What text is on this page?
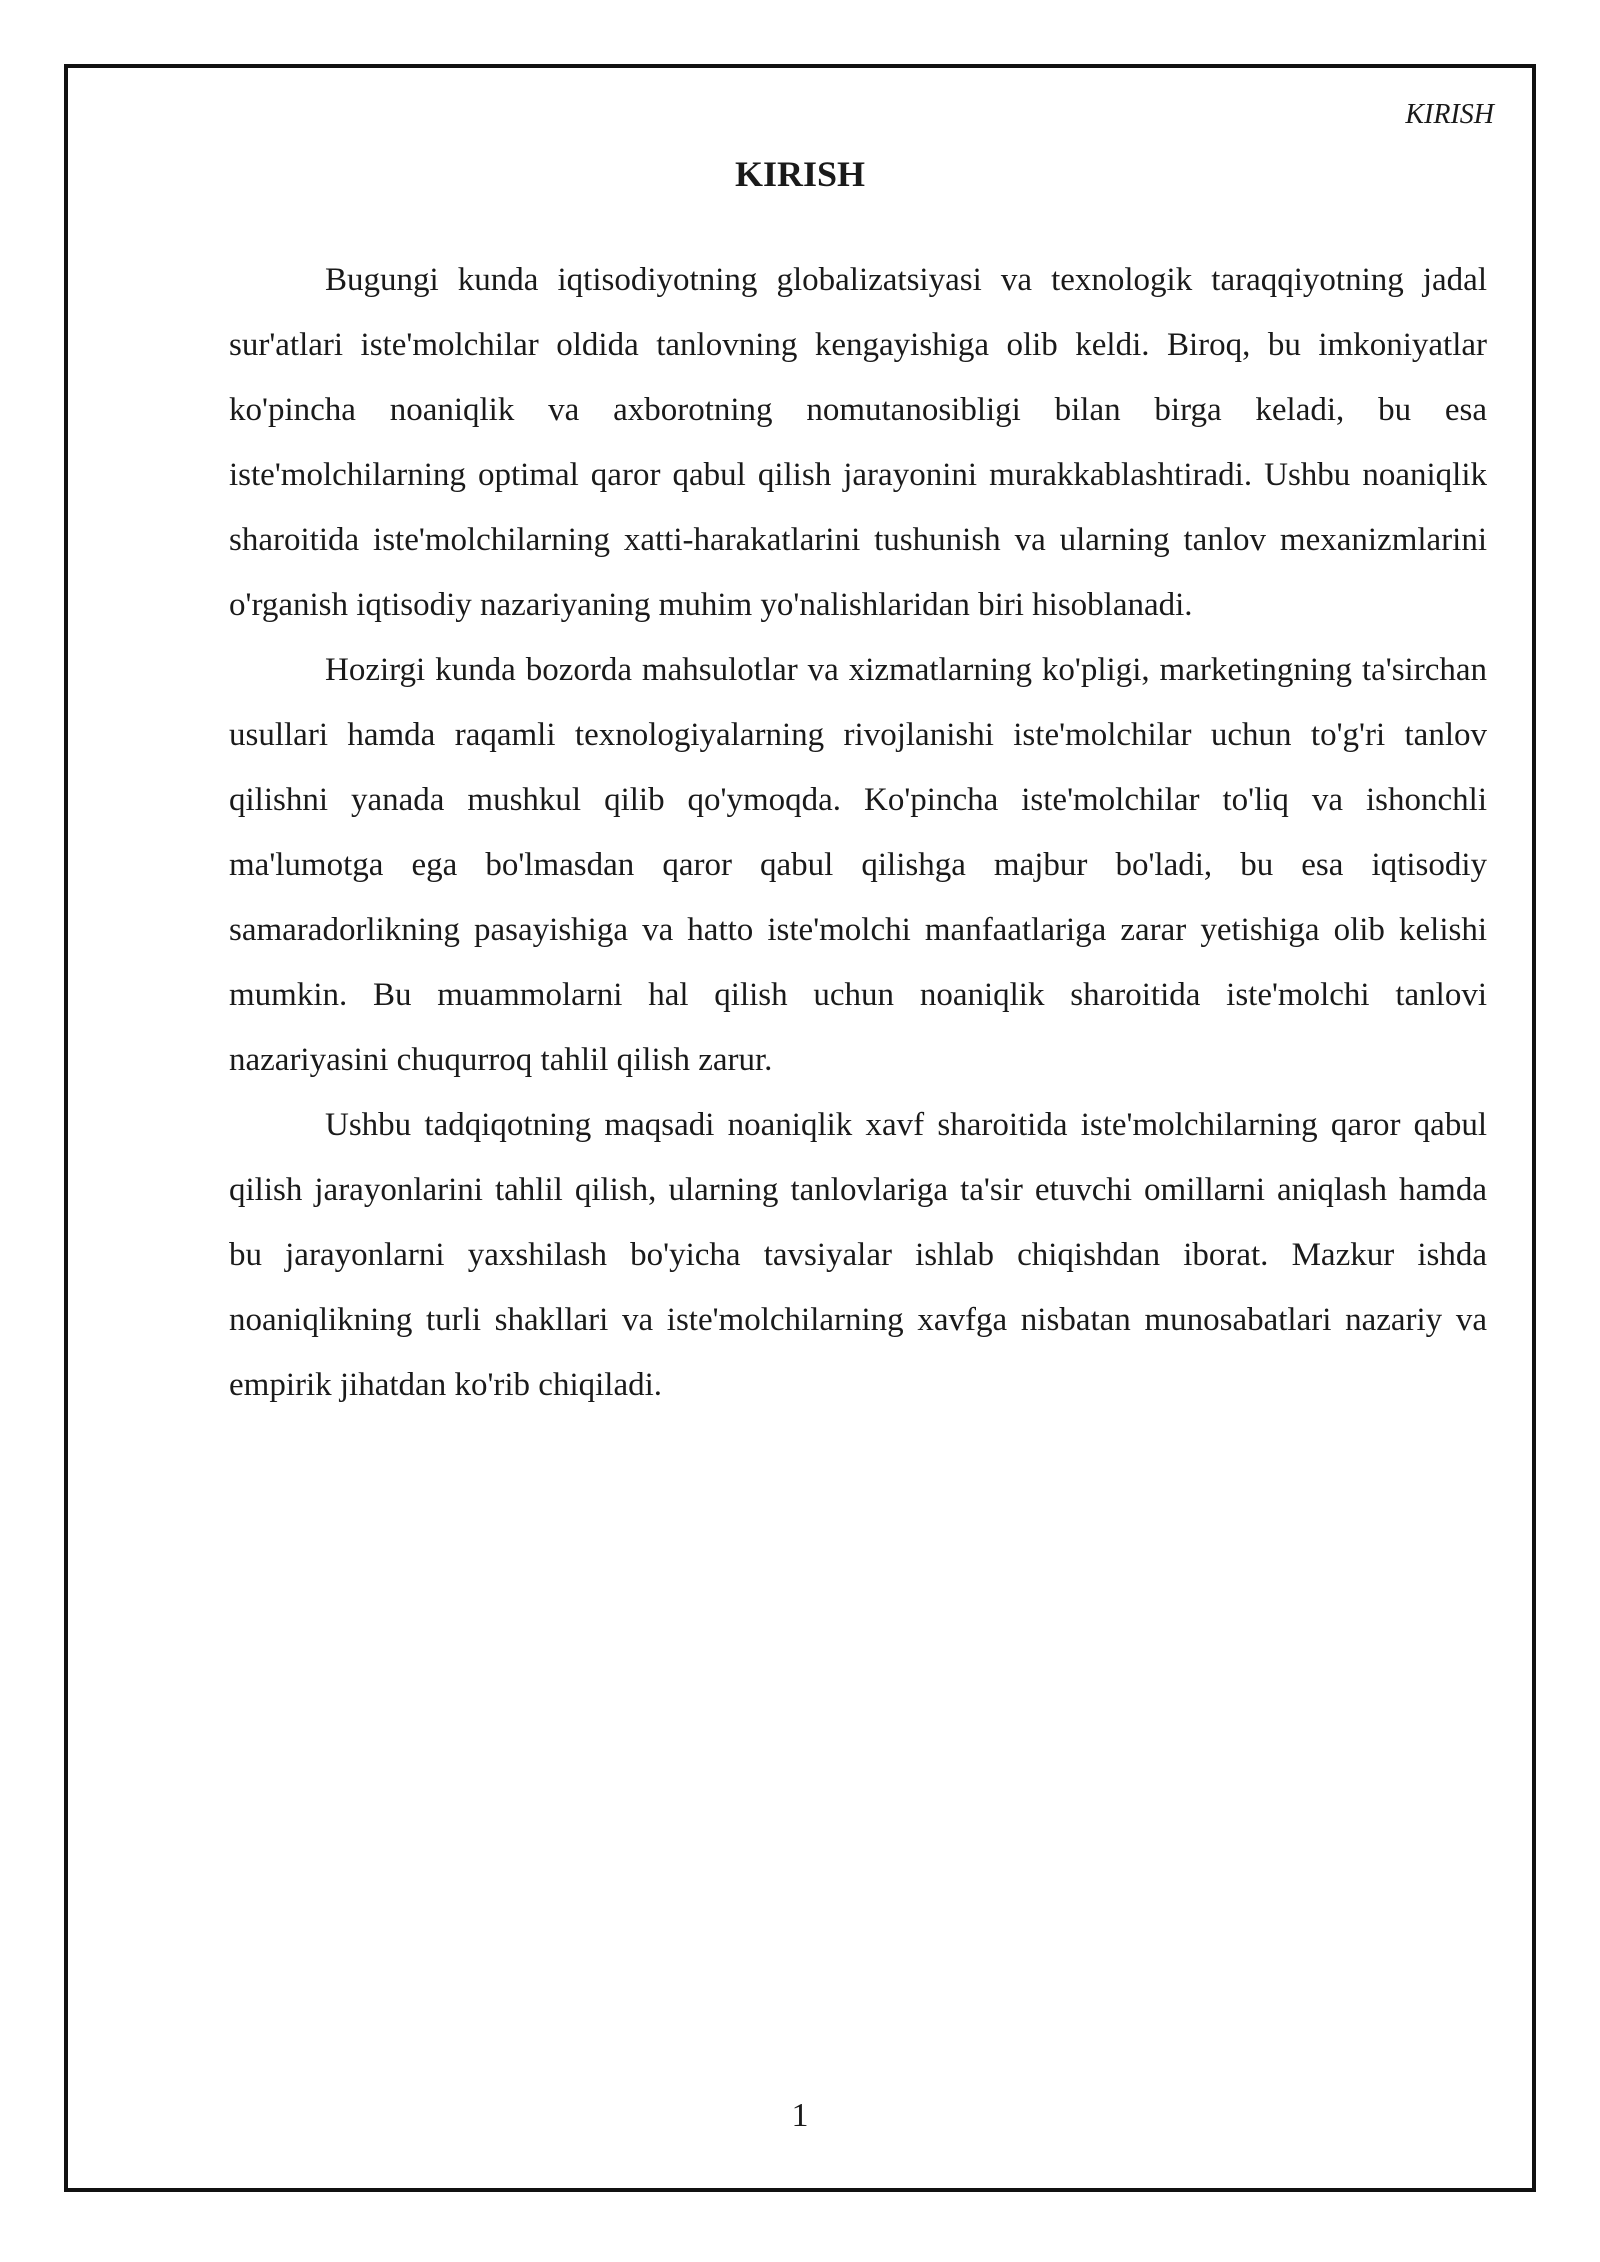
KIRISH
KIRISH

Bugungi kunda iqtisodiyotning globalizatsiyasi va texnologik taraqqiyotning jadal sur'atlari iste'molchilar oldida tanlovning kengayishiga olib keldi. Biroq, bu imkoniyatlar ko'pincha noaniqlik va axborotning nomutanosibligi bilan birga keladi, bu esa iste'molchilarning optimal qaror qabul qilish jarayonini murakkablashtiradi. Ushbu noaniqlik sharoitida iste'molchilarning xatti-harakatlarini tushunish va ularning tanlov mexanizmlarini o'rganish iqtisodiy nazariyaning muhim yo'nalishlaridan biri hisoblanadi.

Hozirgi kunda bozorda mahsulotlar va xizmatlarning ko'pligi, marketingning ta'sirchan usullari hamda raqamli texnologiyalarning rivojlanishi iste'molchilar uchun to'g'ri tanlov qilishni yanada mushkul qilib qo'ymoqda. Ko'pincha iste'molchilar to'liq va ishonchli ma'lumotga ega bo'lmasdan qaror qabul qilishga majbur bo'ladi, bu esa iqtisodiy samaradorlikning pasayishiga va hatto iste'molchi manfaatlariga zarar yetishiga olib kelishi mumkin. Bu muammolarni hal qilish uchun noaniqlik sharoitida iste'molchi tanlovi nazariyasini chuqurroq tahlil qilish zarur.

Ushbu tadqiqotning maqsadi noaniqlik xavf sharoitida iste'molchilarning qaror qabul qilish jarayonlarini tahlil qilish, ularning tanlovlariga ta'sir etuvchi omillarni aniqlash hamda bu jarayonlarni yaxshilash bo'yicha tavsiyalar ishlab chiqishdan iborat. Mazkur ishda noaniqlikning turli shakllari va iste'molchilarning xavfga nisbatan munosabatlari nazariy va empirik jihatdan ko'rib chiqiladi.

1
